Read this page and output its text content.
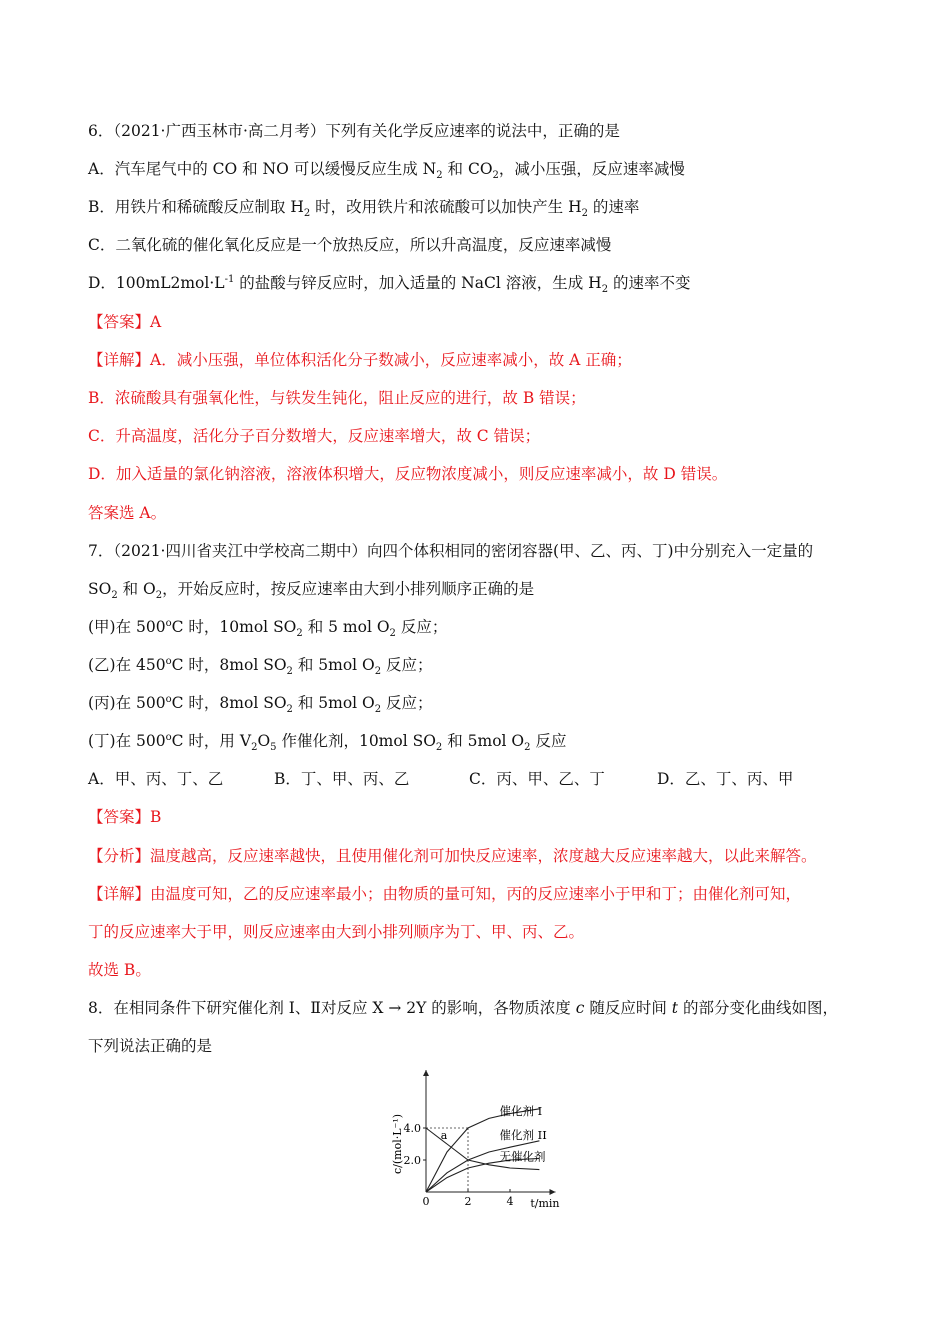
6．（2021·广西玉林市·高二月考）下列有关化学反应速率的说法中，正确的是
A．汽车尾气中的 CO 和 NO 可以缓慢反应生成 $N_2$ 和 $CO_2$，减小压强，反应速率减慢
B．用铁片和稀硫酸反应制取 $H_2$ 时，改用铁片和浓硫酸可以加快产生 $H_2$ 的速率
C．二氧化硫的催化氧化反应是一个放热反应，所以升高温度，反应速率减慢
D．$100mL2mol\cdot L^{-1}$ 的盐酸与锌反应时，加入适量的 NaCl 溶液，生成 $H_2$ 的速率不变
【答案】A
【详解】A．减小压强，单位体积活化分子数减小，反应速率减小，故 A 正确；
B．浓硫酸具有强氧化性，与铁发生钝化，阻止反应的进行，故 B 错误；
C．升高温度，活化分子百分数增大，反应速率增大，故 C 错误；
D．加入适量的氯化钠溶液，溶液体积增大，反应物浓度减小，则反应速率减小，故 D 错误。
答案选 A。
7．（2021·四川省夹江中学校高二期中）向四个体积相同的密闭容器(甲、乙、丙、丁)中分别充入一定量的
$SO_2$ 和 $O_2$，开始反应时，按反应速率由大到小排列顺序正确的是
(甲)在 500$^o$C 时，10mol $SO_2$ 和 5 mol $O_2$ 反应；
(乙)在 450$^o$C 时，8mol $SO_2$ 和 5mol $O_2$ 反应；
(丙)在 500$^o$C 时，8mol $SO_2$ 和 5mol $O_2$ 反应；
(丁)在 500$^o$C 时，用 $V_2O_5$ 作催化剂，10mol $SO_2$ 和 5mol $O_2$ 反应
A．甲、丙、丁、乙	B．丁、甲、丙、乙	C．丙、甲、乙、丁	D．乙、丁、丙、甲
【答案】B
【分析】温度越高，反应速率越快，且使用催化剂可加快反应速率，浓度越大反应速率越大，以此来解答。
【详解】由温度可知，乙的反应速率最小；由物质的量可知，丙的反应速率小于甲和丁；由催化剂可知，
丁的反应速率大于甲，则反应速率由大到小排列顺序为丁、甲、丙、乙。
故选 B。
8．在相同条件下研究催化剂 I、Ⅱ对反应 X → 2Y 的影响，各物质浓度 c 随反应时间 t 的部分变化曲线如图，
下列说法正确的是
4.0
2.0
0	2	4 t/min
c/(mol·L⁻¹)
催化剂 I
催化剂 II
无催化剂
a
